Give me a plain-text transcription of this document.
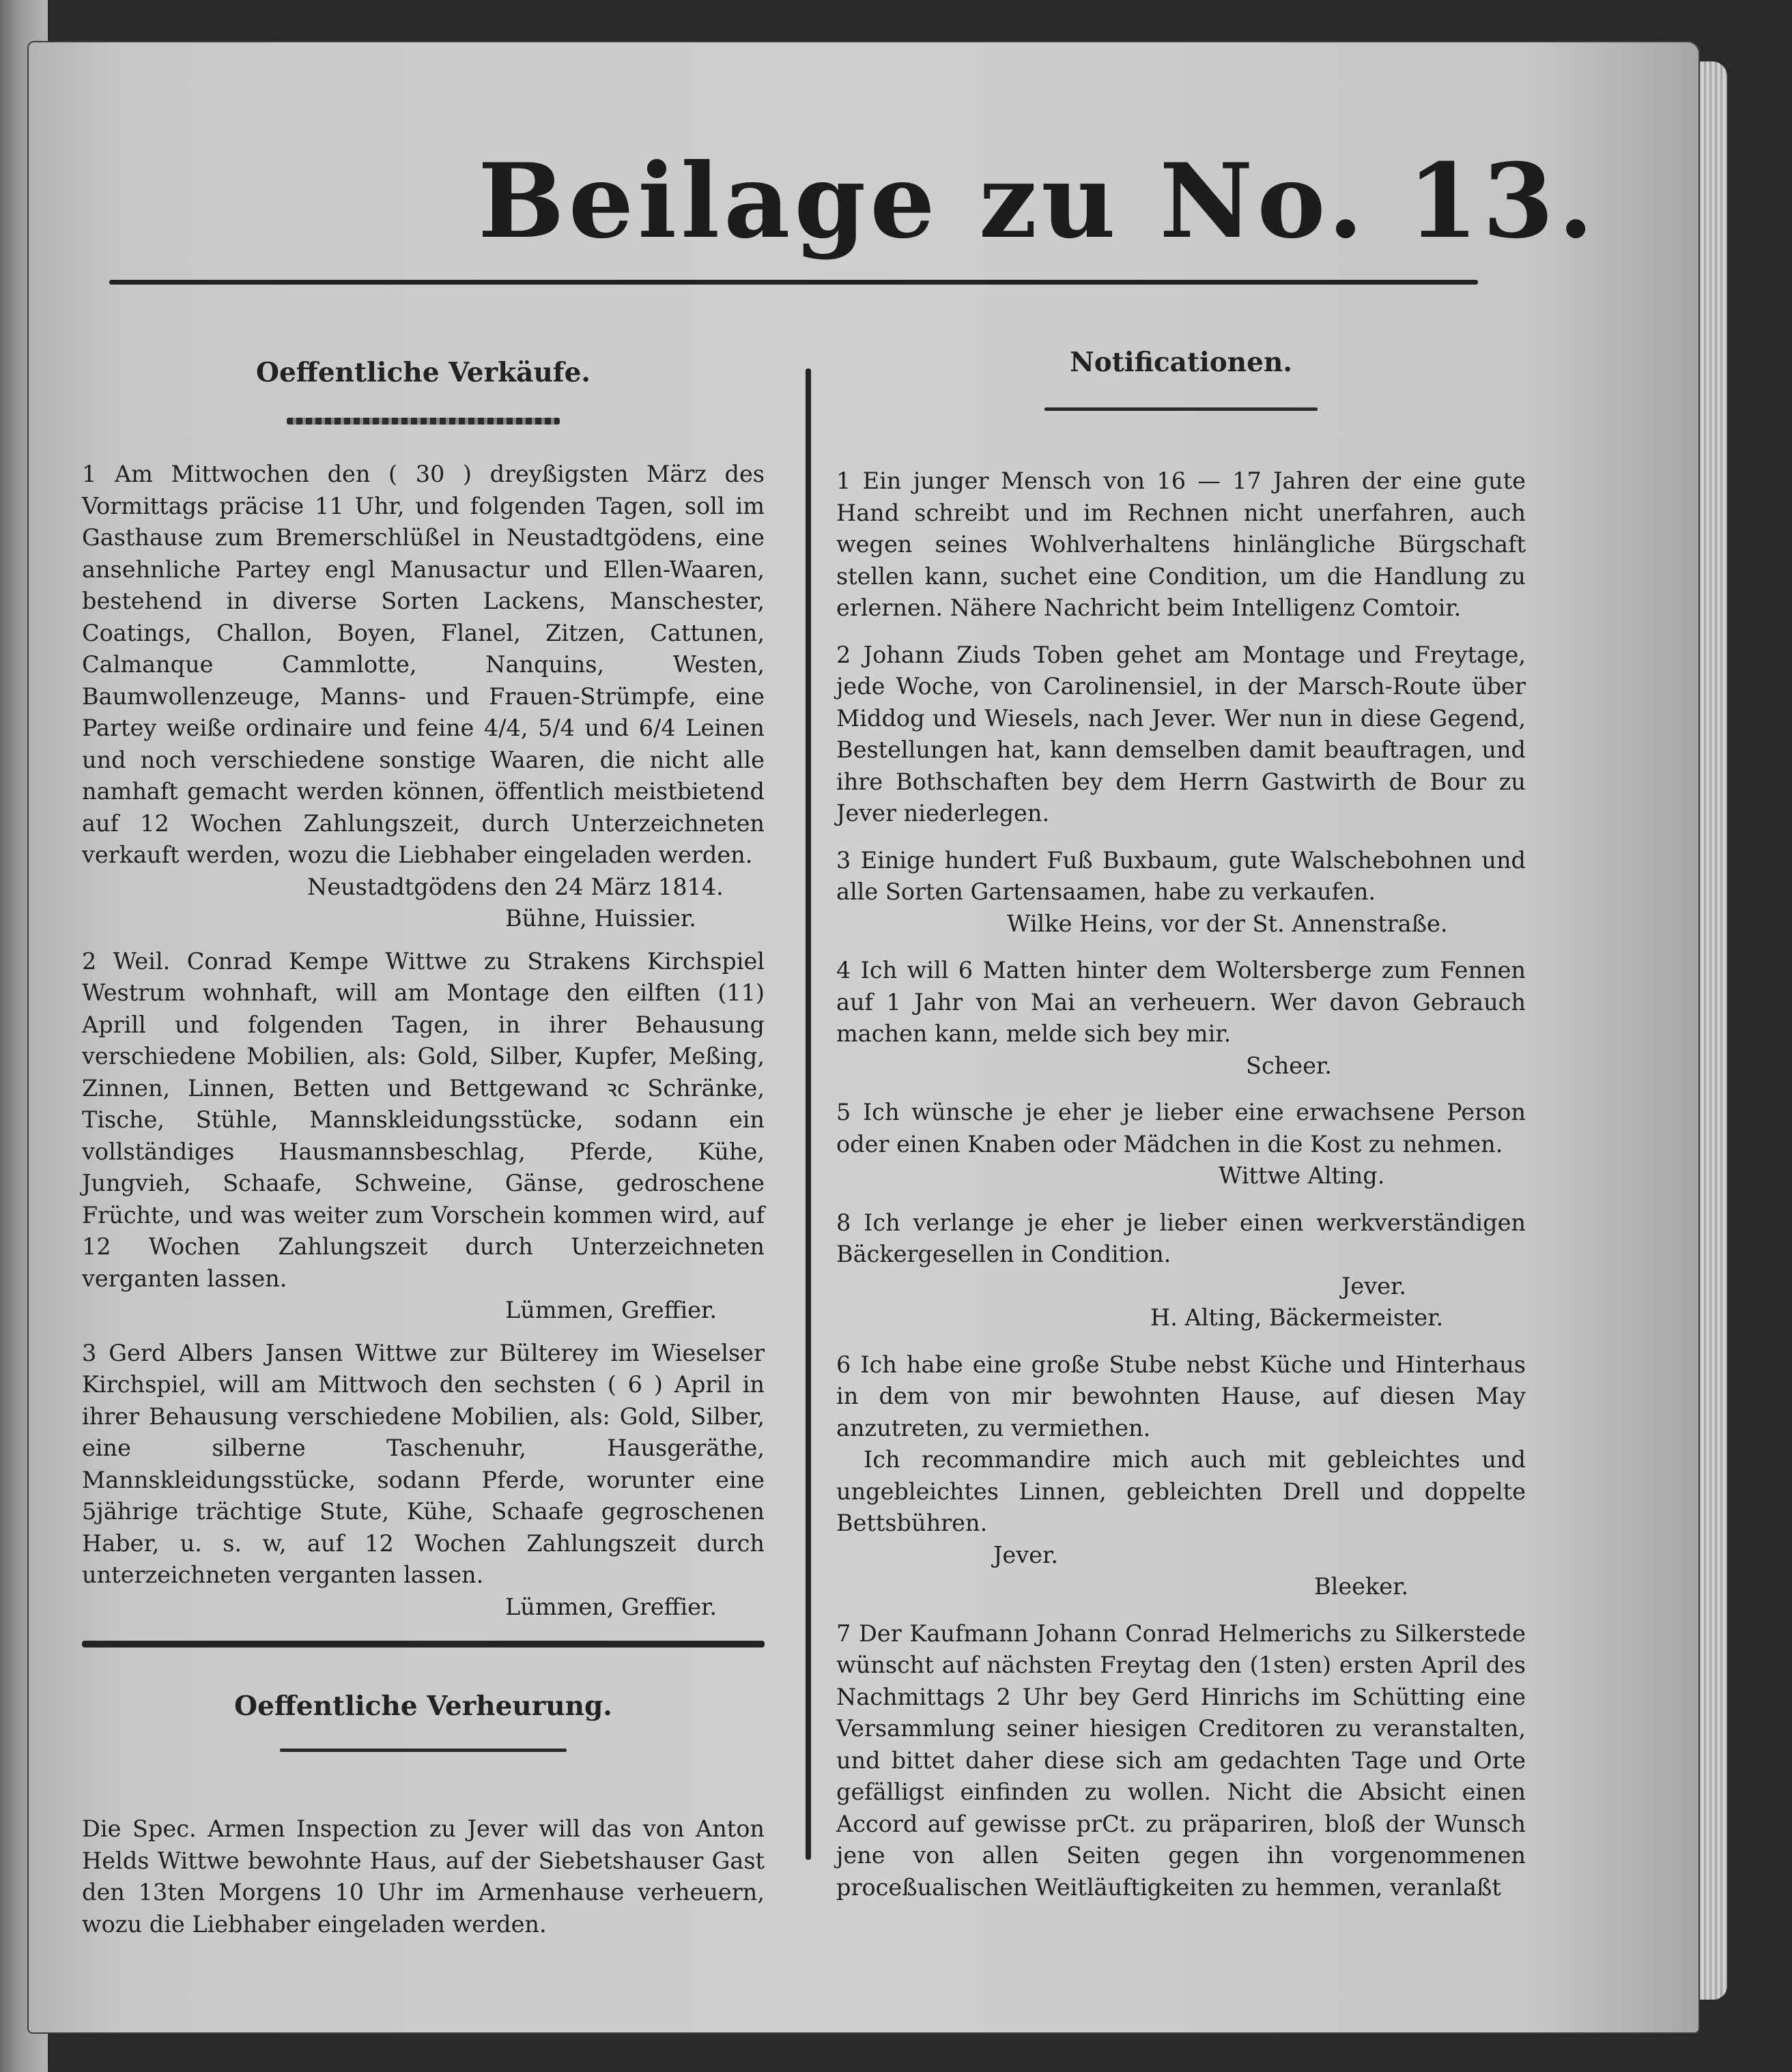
Beilage zu No. 13.
Oeffentliche Verkäufe.

1 Am Mittwochen den ( 30 ) dreyßigsten März des Vormittags präcise 11 Uhr, und folgenden Tagen, soll im Gasthause zum Bremerschlüßel in Neustadtgödens, eine ansehnliche Partey engl Manusactur und Ellen-Waaren, bestehend in diverse Sorten Lackens, Manschester, Coatings, Challon, Boyen, Flanel, Zitzen, Cattunen, Calmanque Cammlotte, Nanquins, Westen, Baumwollenzeuge, Manns- und Frauen-Strümpfe, eine Partey weiße ordinaire und feine 4/4, 5/4 und 6/4 Leinen und noch verschiedene sonstige Waaren, die nicht alle namhaft gemacht werden können, öffentlich meistbietend auf 12 Wochen Zahlungszeit, durch Unterzeichneten verkauft werden, wozu die Liebhaber eingeladen werden.

Neustadtgödens den 24 März 1814.

Bühne, Huissier.

2 Weil. Conrad Kempe Wittwe zu Strakens Kirchspiel Westrum wohnhaft, will am Montage den eilften (11) Aprill und folgenden Tagen, in ihrer Behausung verschiedene Mobilien, als: Gold, Silber, Kupfer, Meßing, Zinnen, Linnen, Betten und Bettgewand ꝛc Schränke, Tische, Stühle, Mannskleidungsstücke, sodann ein vollständiges Hausmannsbeschlag, Pferde, Kühe, Jungvieh, Schaafe, Schweine, Gänse, gedroschene Früchte, und was weiter zum Vorschein kommen wird, auf 12 Wochen Zahlungszeit durch Unterzeichneten verganten lassen.

Lümmen, Greffier.

3 Gerd Albers Jansen Wittwe zur Bülterey im Wieselser Kirchspiel, will am Mittwoch den sechsten ( 6 ) April in ihrer Behausung verschiedene Mobilien, als: Gold, Silber, eine silberne Taschenuhr, Hausgeräthe, Mannskleidungsstücke, sodann Pferde, worunter eine 5jährige trächtige Stute, Kühe, Schaafe gegroschenen Haber, u. s. w, auf 12 Wochen Zahlungszeit durch unterzeichneten verganten lassen.

Lümmen, Greffier.

Oeffentliche Verheurung.

Die Spec. Armen Inspection zu Jever will das von Anton Helds Wittwe bewohnte Haus, auf der Siebetshauser Gast den 13ten Morgens 10 Uhr im Armenhause verheuern, wozu die Liebhaber eingeladen werden.

Notificationen.

1 Ein junger Mensch von 16 — 17 Jahren der eine gute Hand schreibt und im Rechnen nicht unerfahren, auch wegen seines Wohlverhaltens hinlängliche Bürgschaft stellen kann, suchet eine Condition, um die Handlung zu erlernen. Nähere Nachricht beim Intelligenz Comtoir.

2 Johann Ziuds Toben gehet am Montage und Freytage, jede Woche, von Carolinensiel, in der Marsch-Route über Middog und Wiesels, nach Jever. Wer nun in diese Gegend, Bestellungen hat, kann demselben damit beauftragen, und ihre Bothschaften bey dem Herrn Gastwirth de Bour zu Jever niederlegen.

3 Einige hundert Fuß Buxbaum, gute Walschebohnen und alle Sorten Gartensaamen, habe zu verkaufen.

Wilke Heins, vor der St. Annenstraße.

4 Ich will 6 Matten hinter dem Woltersberge zum Fennen auf 1 Jahr von Mai an verheuern. Wer davon Gebrauch machen kann, melde sich bey mir.

Scheer.

5 Ich wünsche je eher je lieber eine erwachsene Person oder einen Knaben oder Mädchen in die Kost zu nehmen.

Wittwe Alting.

8 Ich verlange je eher je lieber einen werkverständigen Bäckergesellen in Condition.

Jever.

H. Alting, Bäckermeister.

6 Ich habe eine große Stube nebst Küche und Hinterhaus in dem von mir bewohnten Hause, auf diesen May anzutreten, zu vermiethen.

Ich recommandire mich auch mit gebleichtes und ungebleichtes Linnen, gebleichten Drell und doppelte Bettsbühren.

Jever.

Bleeker.

7 Der Kaufmann Johann Conrad Helmerichs zu Silkerstede wünscht auf nächsten Freytag den (1sten) ersten April des Nachmittags 2 Uhr bey Gerd Hinrichs im Schütting eine Versammlung seiner hiesigen Creditoren zu veranstalten, und bittet daher diese sich am gedachten Tage und Orte gefälligst einfinden zu wollen. Nicht die Absicht einen Accord auf gewisse prCt. zu präpariren, bloß der Wunsch jene von allen Seiten gegen ihn vorgenommenen proceßualischen Weitläuftigkeiten zu hemmen, veranlaßt
